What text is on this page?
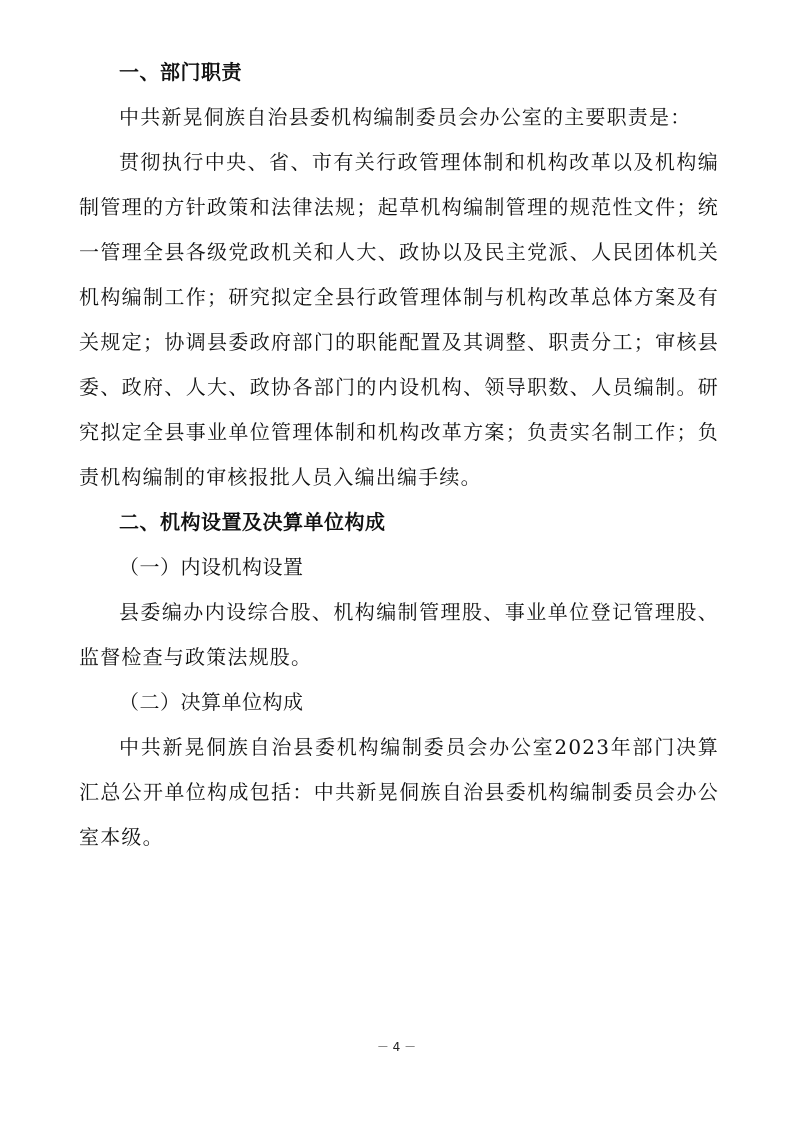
一、部门职责

中共新晃侗族自治县委机构编制委员会办公室的主要职责是：

贯彻执行中央、省、市有关行政管理体制和机构改革以及机构编制管理的方针政策和法律法规；起草机构编制管理的规范性文件；统一管理全县各级党政机关和人大、政协以及民主党派、人民团体机关机构编制工作；研究拟定全县行政管理体制与机构改革总体方案及有关规定；协调县委政府部门的职能配置及其调整、职责分工；审核县委、政府、人大、政协各部门的内设机构、领导职数、人员编制。研究拟定全县事业单位管理体制和机构改革方案；负责实名制工作；负责机构编制的审核报批人员入编出编手续。

二、机构设置及决算单位构成

（一）内设机构设置

县委编办内设综合股、机构编制管理股、事业单位登记管理股、监督检查与政策法规股。

（二）决算单位构成

中共新晃侗族自治县委机构编制委员会办公室2023年部门决算汇总公开单位构成包括：中共新晃侗族自治县委机构编制委员会办公室本级。

－ 4 －
